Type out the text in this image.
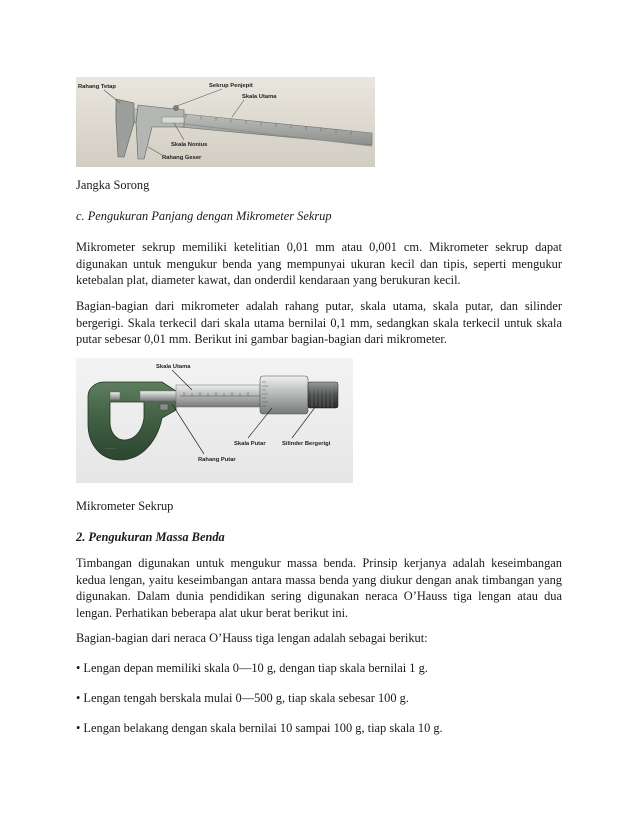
Rahang Tetap	Sekrup Penjepit
Skala Utama
Skala Nonius
Rahang Geser

Jangka Sorong

c. Pengukuran Panjang dengan Mikrometer Sekrup

Mikrometer sekrup memiliki ketelitian 0,01 mm atau 0,001 cm. Mikrometer sekrup dapat digunakan untuk mengukur benda yang mempunyai ukuran kecil dan tipis, seperti mengukur ketebalan plat, diameter kawat, dan onderdil kendaraan yang berukuran kecil.

Bagian-bagian dari mikrometer adalah rahang putar, skala utama, skala putar, dan silinder bergerigi. Skala terkecil dari skala utama bernilai 0,1 mm, sedangkan skala terkecil untuk skala putar sebesar 0,01 mm. Berikut ini gambar bagian-bagian dari mikrometer.

·· · ··
Skala Utama
Skala Putar	Silinder Bergerigi
Rahang Putar

Mikrometer Sekrup

2. Pengukuran Massa Benda

Timbangan digunakan untuk mengukur massa benda. Prinsip kerjanya adalah keseimbangan kedua lengan, yaitu keseimbangan antara massa benda yang diukur dengan anak timbangan yang digunakan. Dalam dunia pendidikan sering digunakan neraca O’Hauss tiga lengan atau dua lengan. Perhatikan beberapa alat ukur berat berikut ini.

Bagian-bagian dari neraca O’Hauss tiga lengan adalah sebagai berikut:

• Lengan depan memiliki skala 0—10 g, dengan tiap skala bernilai 1 g.

• Lengan tengah berskala mulai 0—500 g, tiap skala sebesar 100 g.

• Lengan belakang dengan skala bernilai 10 sampai 100 g, tiap skala 10 g.
